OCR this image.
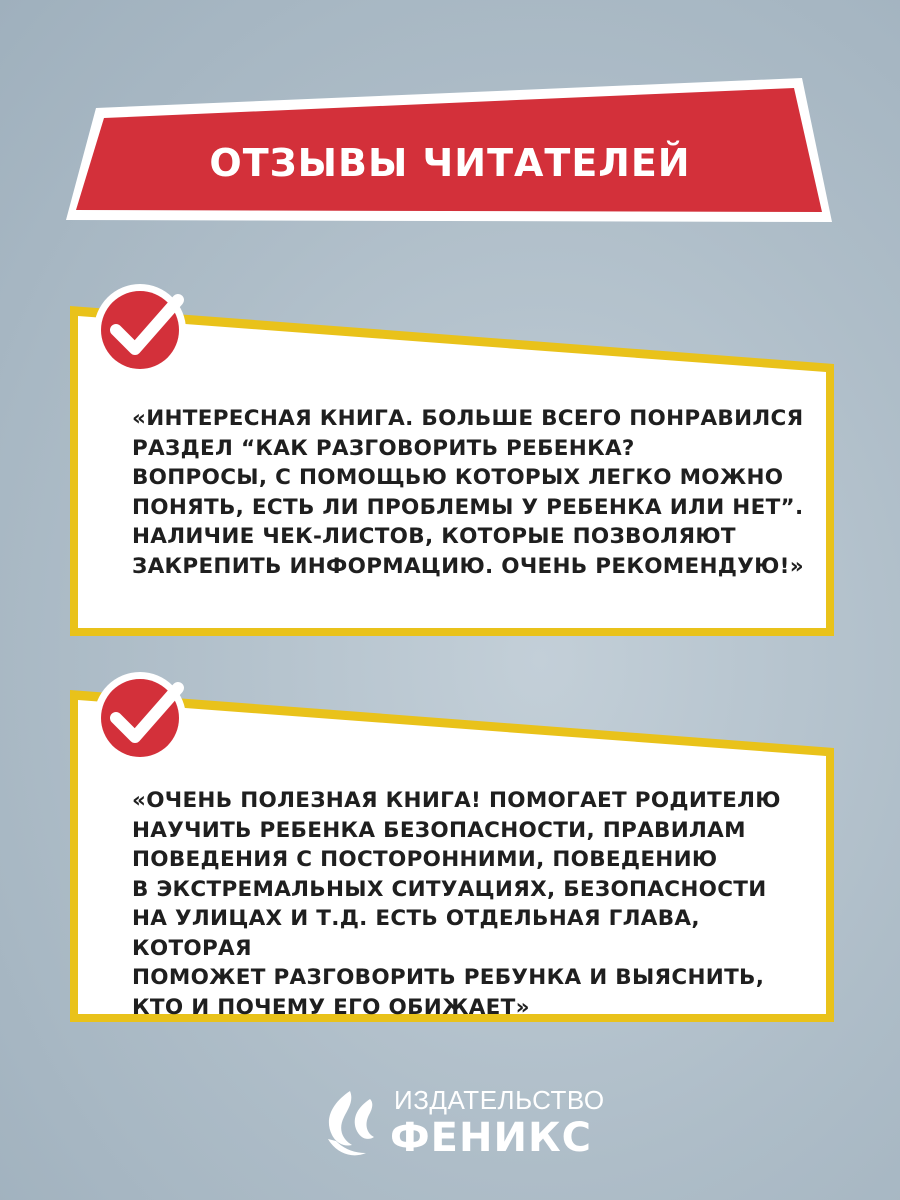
ОТЗЫВЫ ЧИТАТЕЛЕЙ
«ИНТЕРЕСНАЯ КНИГА. БОЛЬШЕ ВСЕГО ПОНРАВИЛСЯ
РАЗДЕЛ “КАК РАЗГОВОРИТЬ РЕБЕНКА?
ВОПРОСЫ, С ПОМОЩЬЮ КОТОРЫХ ЛЕГКО МОЖНО
ПОНЯТЬ, ЕСТЬ ЛИ ПРОБЛЕМЫ У РЕБЕНКА ИЛИ НЕТ”.
НАЛИЧИЕ ЧЕК-ЛИСТОВ, КОТОРЫЕ ПОЗВОЛЯЮТ
ЗАКРЕПИТЬ ИНФОРМАЦИЮ. ОЧЕНЬ РЕКОМЕНДУЮ!»
«ОЧЕНЬ ПОЛЕЗНАЯ КНИГА! ПОМОГАЕТ РОДИТЕЛЮ
НАУЧИТЬ РЕБЕНКА БЕЗОПАСНОСТИ, ПРАВИЛАМ
ПОВЕДЕНИЯ С ПОСТОРОННИМИ, ПОВЕДЕНИЮ
В ЭКСТРЕМАЛЬНЫХ СИТУАЦИЯХ, БЕЗОПАСНОСТИ
НА УЛИЦАХ И Т.Д. ЕСТЬ ОТДЕЛЬНАЯ ГЛАВА, КОТОРАЯ
ПОМОЖЕТ РАЗГОВОРИТЬ РЕБУНКА И ВЫЯСНИТЬ,
КТО И ПОЧЕМУ ЕГО ОБИЖАЕТ»
ИЗДАТЕЛЬСТВО
ФЕНИКС
